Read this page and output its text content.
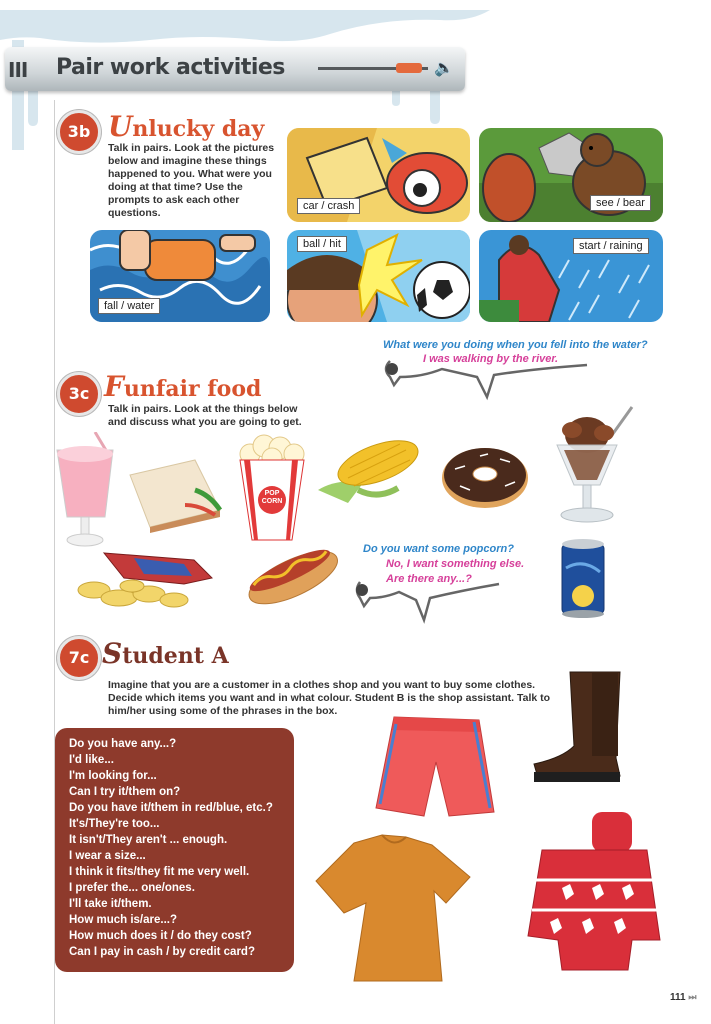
III Pair work activities	🔈
3b Unlucky day
Talk in pairs. Look at the pictures
below and imagine these things
happened to you. What were you
doing at that time? Use the
prompts to ask each other
questions.
car / crash	see / bear
fall / water
ball / hit	start / raining
What were you doing when you fell into the water?
I was walking by the river.
3c Funfair food
Talk in pairs. Look at the things below
and discuss what you are going to get.
POP CORN
Do you want some popcorn?
No, I want something else.
Are there any...?
7c Student A
Imagine that you are a customer in a clothes shop and you want to buy some clothes.
Decide which items you want and in what colour. Student B is the shop assistant. Talk to
him/her using some of the phrases in the box.
Do you have any...?
I'd like...
I'm looking for...
Can I try it/them on?
Do you have it/them in red/blue, etc.?
It's/They're too...
It isn't/They aren't ... enough.
I wear a size...
I think it fits/they fit me very well.
I prefer the... one/ones.
I'll take it/them.
How much is/are...?
How much does it / do they cost?
Can I pay in cash / by credit card?
111 ⏭
